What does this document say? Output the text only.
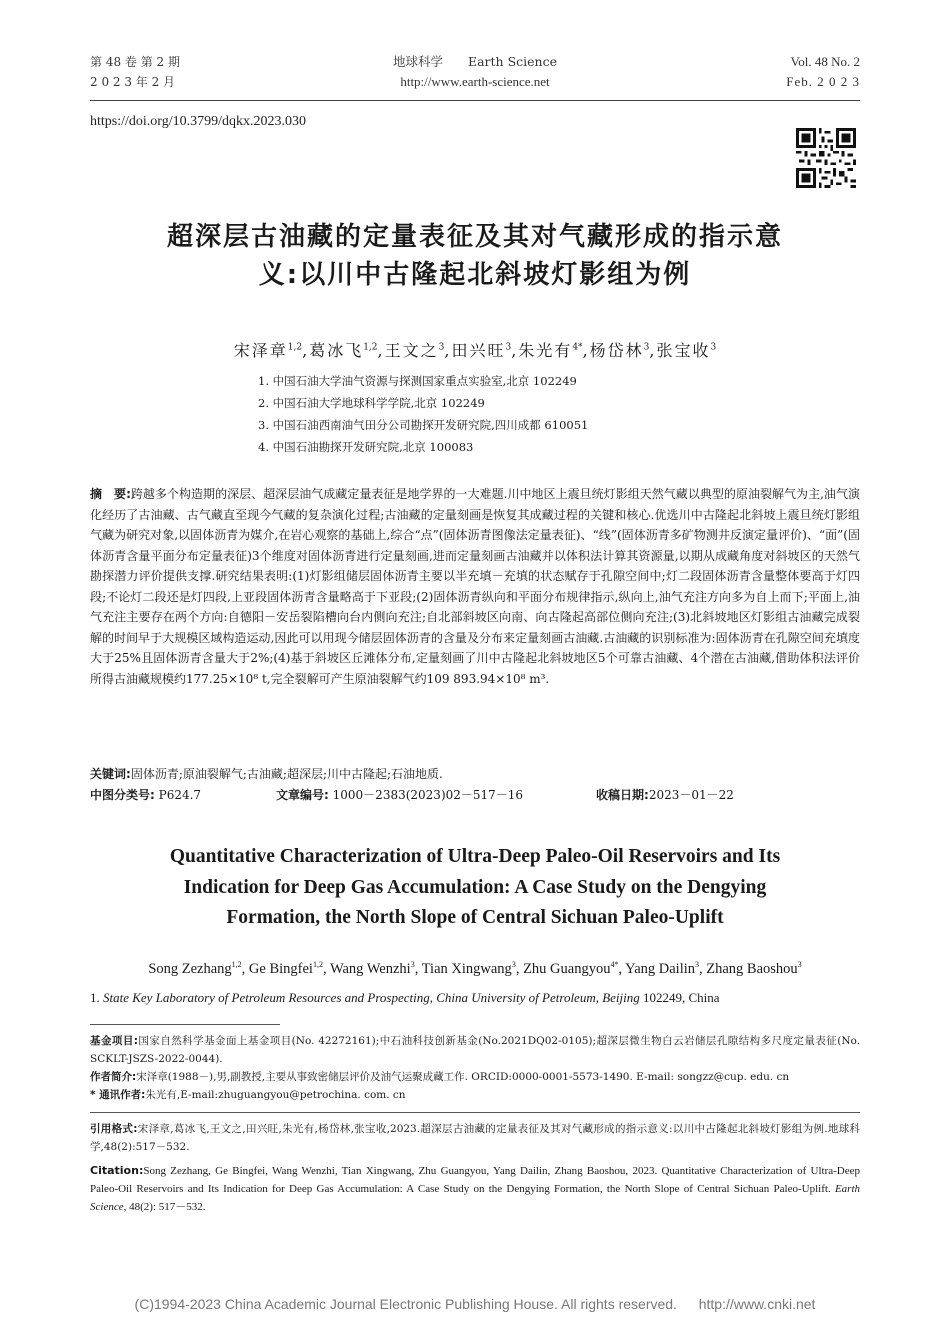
第 48 卷 第 2 期
2 0 2 3 年 2 月
地球科学　　Earth Science
http://www.earth-science.net
Vol. 48 No. 2
Feb. 2 0 2 3
https://doi.org/10.3799/dqkx.2023.030
超深层古油藏的定量表征及其对气藏形成的指示意
义:以川中古隆起北斜坡灯影组为例
宋泽章$^{1,2}$,葛冰飞$^{1,2}$,王文之$^3$,田兴旺$^3$,朱光有$^{4*}$,杨岱林$^3$,张宝收$^3$
1. 中国石油大学油气资源与探测国家重点实验室,北京 102249
2. 中国石油大学地球科学学院,北京 102249
3. 中国石油西南油气田分公司勘探开发研究院,四川成都 610051
4. 中国石油勘探开发研究院,北京 100083
摘　要:跨越多个构造期的深层、超深层油气成藏定量表征是地学界的一大难题.川中地区上震旦统灯影组天然气藏以典型的原油裂解气为主,油气演化经历了古油藏、古气藏直至现今气藏的复杂演化过程;古油藏的定量刻画是恢复其成藏过程的关键和核心.优选川中古隆起北斜坡上震旦统灯影组气藏为研究对象,以固体沥青为媒介,在岩心观察的基础上,综合“点”(固体沥青图像法定量表征)、“线”(固体沥青多矿物测井反演定量评价)、“面”(固体沥青含量平面分布定量表征)3个维度对固体沥青进行定量刻画,进而定量刻画古油藏并以体积法计算其资源量,以期从成藏角度对斜坡区的天然气勘探潜力评价提供支撑.研究结果表明:(1)灯影组储层固体沥青主要以半充填－充填的状态赋存于孔隙空间中;灯二段固体沥青含量整体要高于灯四段;不论灯二段还是灯四段,上亚段固体沥青含量略高于下亚段;(2)固体沥青纵向和平面分布规律指示,纵向上,油气充注方向多为自上而下;平面上,油气充注主要存在两个方向:自德阳－安岳裂陷槽向台内侧向充注;自北部斜坡区向南、向古隆起高部位侧向充注;(3)北斜坡地区灯影组古油藏完成裂解的时间早于大规模区域构造运动,因此可以用现今储层固体沥青的含量及分布来定量刻画古油藏.古油藏的识别标准为:固体沥青在孔隙空间充填度大于25%且固体沥青含量大于2%;(4)基于斜坡区丘滩体分布,定量刻画了川中古隆起北斜坡地区5个可靠古油藏、4个潜在古油藏,借助体积法评价所得古油藏规模约177.25×10⁸ t,完全裂解可产生原油裂解气约109 893.94×10⁸ m³.
关键词:固体沥青;原油裂解气;古油藏;超深层;川中古隆起;石油地质.
中图分类号: P624.7	文章编号: 1000－2383(2023)02－517－16	收稿日期:2023－01－22
Quantitative Characterization of Ultra-Deep Paleo-Oil Reservoirs and Its
Indication for Deep Gas Accumulation: A Case Study on the Dengying
Formation, the North Slope of Central Sichuan Paleo-Uplift
Song Zezhang$^{1,2}$, Ge Bingfei$^{1,2}$, Wang Wenzhi$^3$, Tian Xingwang$^3$, Zhu Guangyou$^{4*}$, Yang Dailin$^3$, Zhang Baoshou$^3$
1. State Key Laboratory of Petroleum Resources and Prospecting, China University of Petroleum, Beijing 102249, China
基金项目:国家自然科学基金面上基金项目(No. 42272161);中石油科技创新基金(No.2021DQ02-0105);超深层微生物白云岩储层孔隙结构多尺度定量表征(No. SCKLT-JSZS-2022-0044).
作者简介:宋泽章(1988－),男,副教授,主要从事致密储层评价及油气运聚成藏工作. ORCID:0000-0001-5573-1490. E-mail: songzz@cup. edu. cn
* 通讯作者:朱光有,E-mail:zhuguangyou@petrochina. com. cn
引用格式:宋泽章,葛冰飞,王文之,田兴旺,朱光有,杨岱林,张宝收,2023.超深层古油藏的定量表征及其对气藏形成的指示意义:以川中古隆起北斜坡灯影组为例.地球科学,48(2):517－532.
Citation:Song Zezhang, Ge Bingfei, Wang Wenzhi, Tian Xingwang, Zhu Guangyou, Yang Dailin, Zhang Baoshou, 2023. Quantitative Characterization of Ultra-Deep Paleo-Oil Reservoirs and Its Indication for Deep Gas Accumulation: A Case Study on the Dengying Formation, the North Slope of Central Sichuan Paleo-Uplift. Earth Science, 48(2): 517－532.
(C)1994-2023 China Academic Journal Electronic Publishing House. All rights reserved. http://www.cnki.net
